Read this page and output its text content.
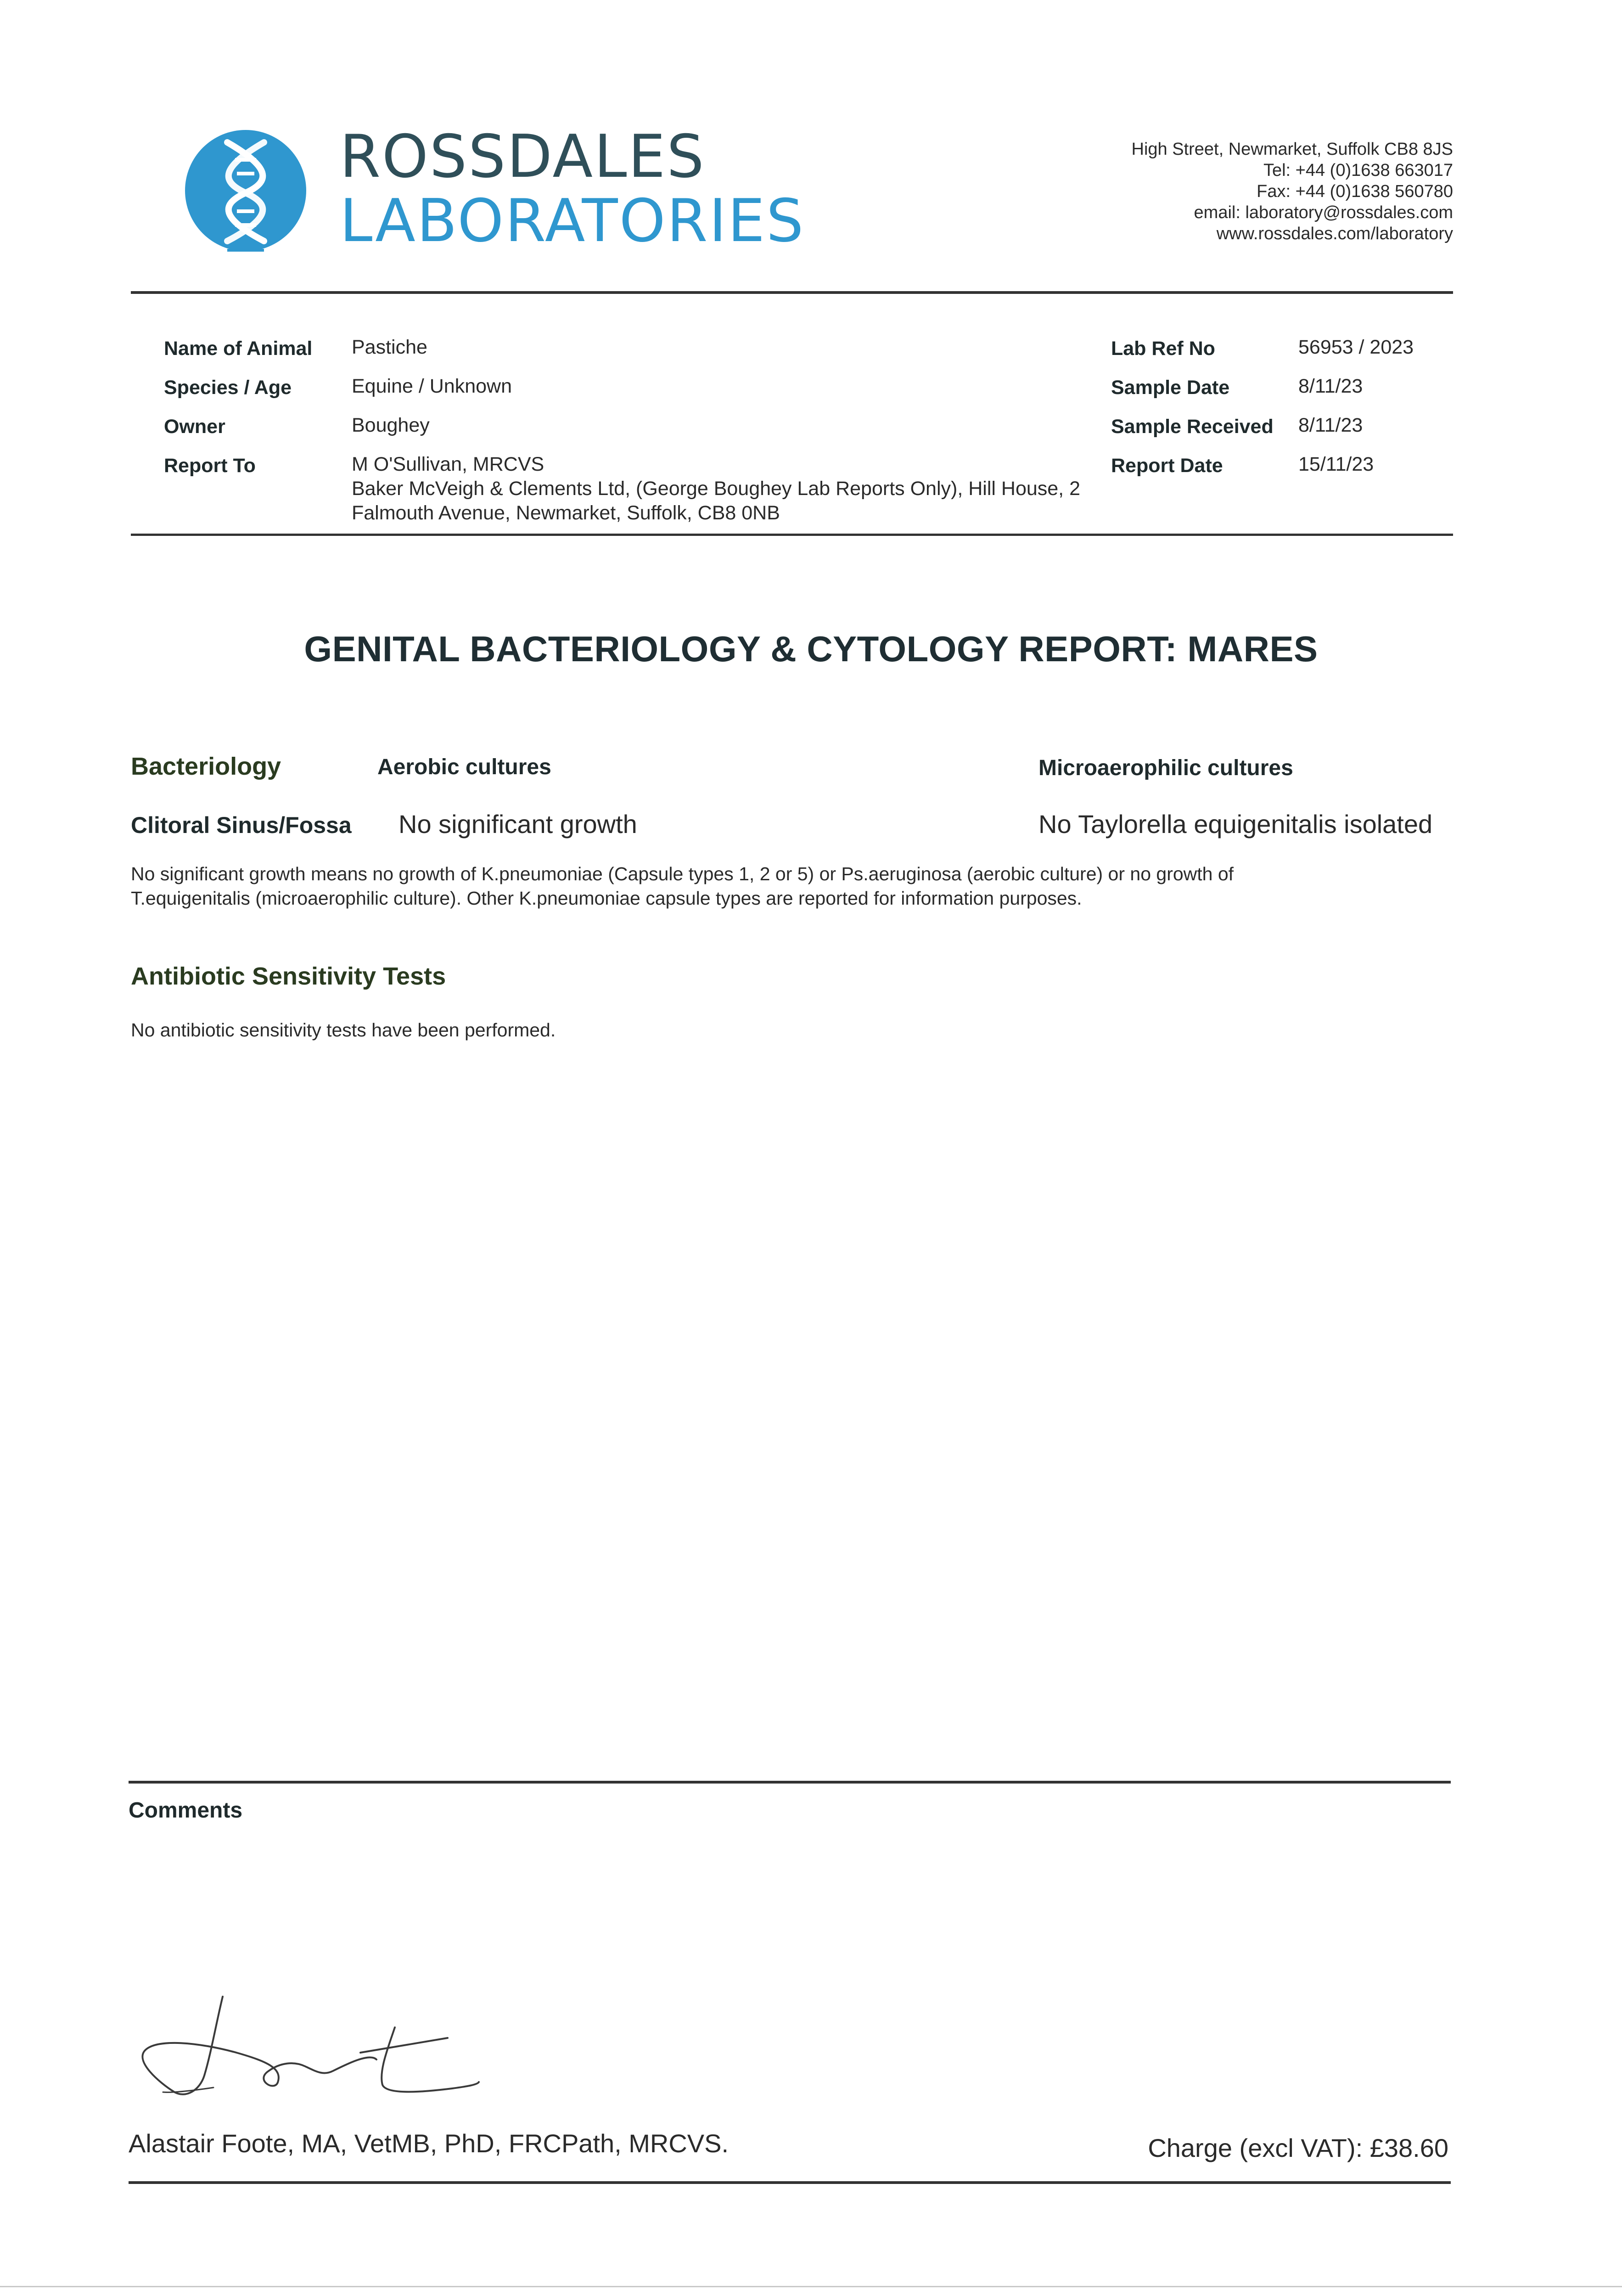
ROSSDALES
LABORATORIES
High Street, Newmarket, Suffolk CB8 8JS
Tel: +44 (0)1638 663017
Fax: +44 (0)1638 560780
email: laboratory@rossdales.com
www.rossdales.com/laboratory
Name of Animal Pastiche
Species / Age	Equine / Unknown
Owner	Boughey
Report To	M O'Sullivan, MRCVS
Baker McVeigh & Clements Ltd, (George Boughey Lab Reports Only), Hill House, 2
Falmouth Avenue, Newmarket, Suffolk, CB8 0NB
Lab Ref No	56953 / 2023
Sample Date	8/11/23
Sample Received 8/11/23
Report Date	15/11/23
GENITAL BACTERIOLOGY & CYTOLOGY REPORT: MARES
Bacteriology	Aerobic cultures	Microaerophilic cultures
Clitoral Sinus/Fossa No significant growth	No Taylorella equigenitalis isolated
No significant growth means no growth of K.pneumoniae (Capsule types 1, 2 or 5) or Ps.aeruginosa (aerobic culture) or no growth of
T.equigenitalis (microaerophilic culture). Other K.pneumoniae capsule types are reported for information purposes.
Antibiotic Sensitivity Tests
No antibiotic sensitivity tests have been performed.
Comments
Alastair Foote, MA, VetMB, PhD, FRCPath, MRCVS.	Charge (excl VAT): £38.60
